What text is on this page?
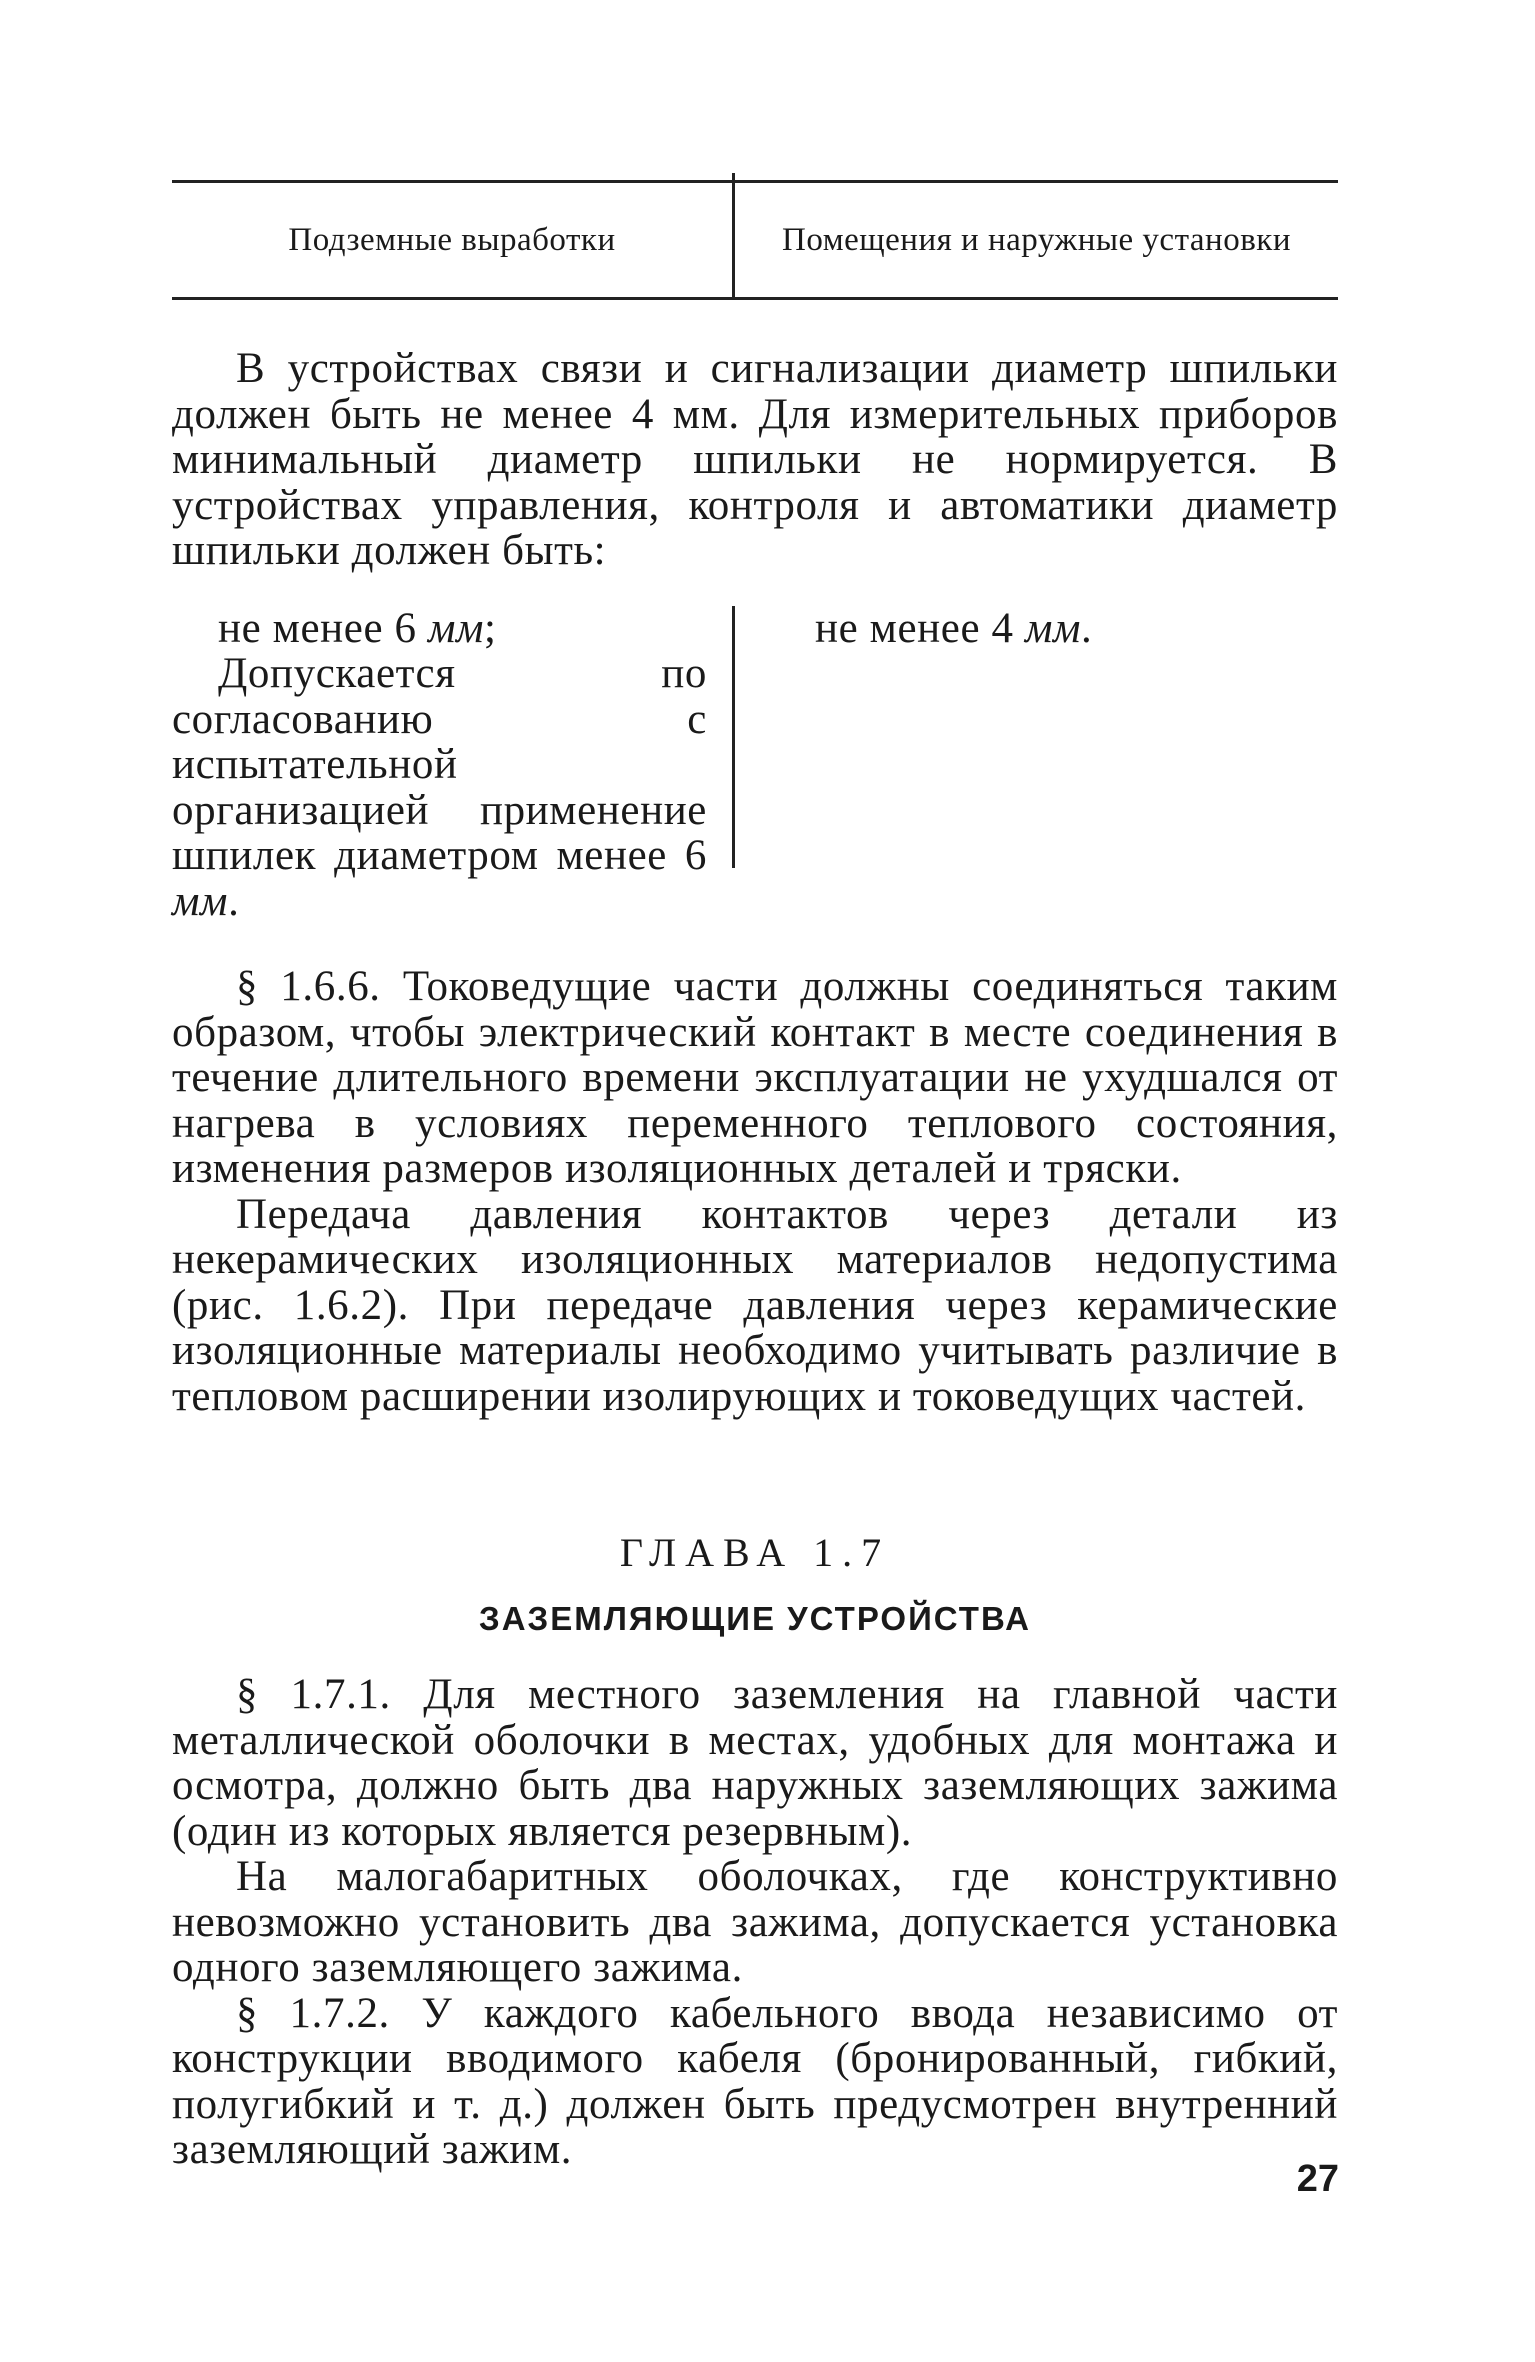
Подземные выработки	Помещения и наружные установки

В устройствах связи и сигнализации диаметр шпильки должен быть не менее 4 мм. Для измерительных приборов минимальный диаметр шпильки не нормируется. В устройствах управления, контроля и автоматики диаметр шпильки должен быть:

не менее 6 мм;

Допускается по согласованию с испытательной организацией применение шпилек диаметром менее 6 мм.

не менее 4 мм.

§ 1.6.6. Токоведущие части должны соединяться таким образом, чтобы электрический контакт в месте соединения в течение длительного времени эксплуатации не ухудшался от нагрева в условиях переменного теплового состояния, изменения размеров изоляционных деталей и тряски.

Передача давления контактов через детали из некерамических изоляционных материалов недопустима (рис. 1.6.2). При передаче давления через керамические изоляционные материалы необходимо учитывать различие в тепловом расширении изолирующих и токоведущих частей.

ГЛАВА 1.7
ЗАЗЕМЛЯЮЩИЕ УСТРОЙСТВА

§ 1.7.1. Для местного заземления на главной части металлической оболочки в местах, удобных для монтажа и осмотра, должно быть два наружных заземляющих зажима (один из которых является резервным).

На малогабаритных оболочках, где конструктивно невозможно установить два зажима, допускается установка одного заземляющего зажима.

§ 1.7.2. У каждого кабельного ввода независимо от конструкции вводимого кабеля (бронированный, гибкий, полугибкий и т. д.) должен быть предусмотрен внутренний заземляющий зажим.

27
